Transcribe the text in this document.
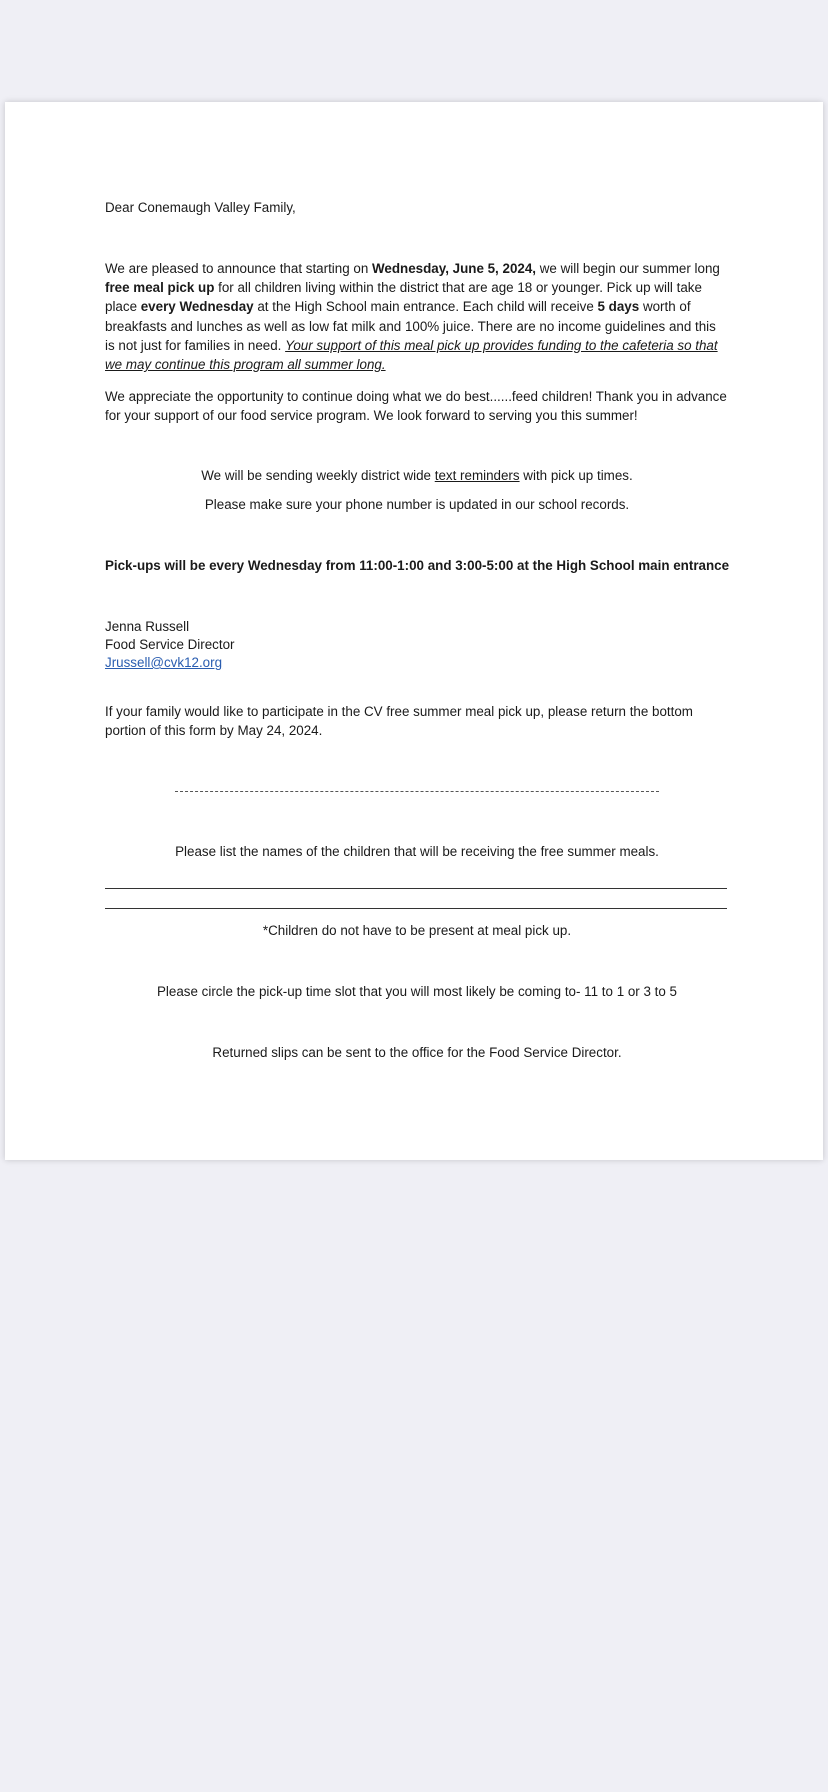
Dear Conemaugh Valley Family,

We are pleased to announce that starting on Wednesday, June 5, 2024, we will begin our summer long free meal pick up for all children living within the district that are age 18 or younger. Pick up will take place every Wednesday at the High School main entrance. Each child will receive 5 days worth of breakfasts and lunches as well as low fat milk and 100% juice. There are no income guidelines and this is not just for families in need. Your support of this meal pick up provides funding to the cafeteria so that we may continue this program all summer long.

We appreciate the opportunity to continue doing what we do best......feed children! Thank you in advance for your support of our food service program. We look forward to serving you this summer!

We will be sending weekly district wide text reminders with pick up times.

Please make sure your phone number is updated in our school records.

Pick-ups will be every Wednesday from 11:00-1:00 and 3:00-5:00 at the High School main entrance

Jenna Russell

Food Service Director

Jrussell@cvk12.org

If your family would like to participate in the CV free summer meal pick up, please return the bottom portion of this form by May 24, 2024.

Please list the names of the children that will be receiving the free summer meals.

*Children do not have to be present at meal pick up.

Please circle the pick-up time slot that you will most likely be coming to- 11 to 1 or 3 to 5

Returned slips can be sent to the office for the Food Service Director.
